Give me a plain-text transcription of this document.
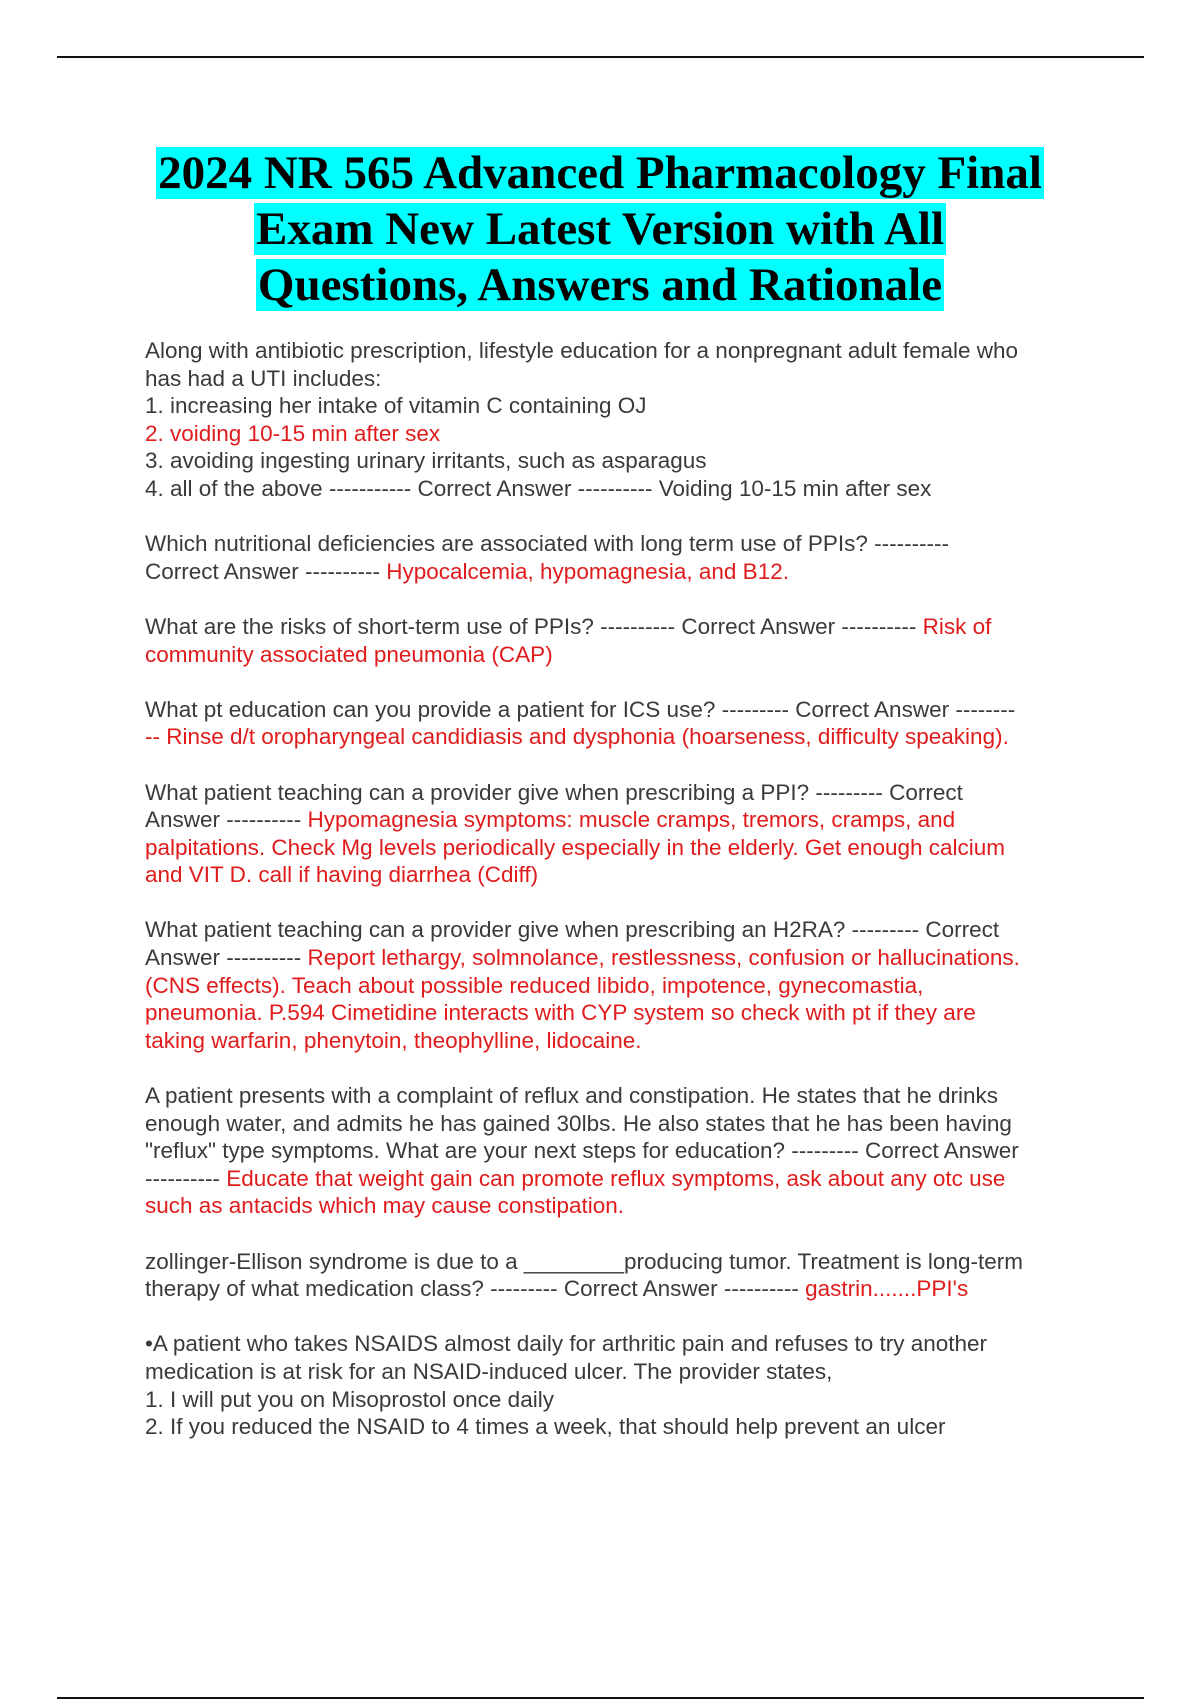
2024 NR 565 Advanced Pharmacology Final
Exam New Latest Version with All
Questions, Answers and Rationale
Along with antibiotic prescription, lifestyle education for a nonpregnant adult female who
has had a UTI includes:
1. increasing her intake of vitamin C containing OJ
2. voiding 10-15 min after sex
3. avoiding ingesting urinary irritants, such as asparagus
4. all of the above ----------- Correct Answer ---------- Voiding 10-15 min after sex
Which nutritional deficiencies are associated with long term use of PPIs? ----------
Correct Answer ---------- Hypocalcemia, hypomagnesia, and B12.
What are the risks of short-term use of PPIs? ---------- Correct Answer ---------- Risk of
community associated pneumonia (CAP)
What pt education can you provide a patient for ICS use? --------- Correct Answer --------
-- Rinse d/t oropharyngeal candidiasis and dysphonia (hoarseness, difficulty speaking).
What patient teaching can a provider give when prescribing a PPI? --------- Correct
Answer ---------- Hypomagnesia symptoms: muscle cramps, tremors, cramps, and
palpitations. Check Mg levels periodically especially in the elderly. Get enough calcium
and VIT D. call if having diarrhea (Cdiff)
What patient teaching can a provider give when prescribing an H2RA? --------- Correct
Answer ---------- Report lethargy, solmnolance, restlessness, confusion or hallucinations.
(CNS effects). Teach about possible reduced libido, impotence, gynecomastia,
pneumonia. P.594 Cimetidine interacts with CYP system so check with pt if they are
taking warfarin, phenytoin, theophylline, lidocaine.
A patient presents with a complaint of reflux and constipation. He states that he drinks
enough water, and admits he has gained 30lbs. He also states that he has been having
"reflux" type symptoms. What are your next steps for education? --------- Correct Answer
---------- Educate that weight gain can promote reflux symptoms, ask about any otc use
such as antacids which may cause constipation.
zollinger-Ellison syndrome is due to a ________producing tumor. Treatment is long-term
therapy of what medication class? --------- Correct Answer ---------- gastrin.......PPI's
•A patient who takes NSAIDS almost daily for arthritic pain and refuses to try another
medication is at risk for an NSAID-induced ulcer. The provider states,
1. I will put you on Misoprostol once daily
2. If you reduced the NSAID to 4 times a week, that should help prevent an ulcer
